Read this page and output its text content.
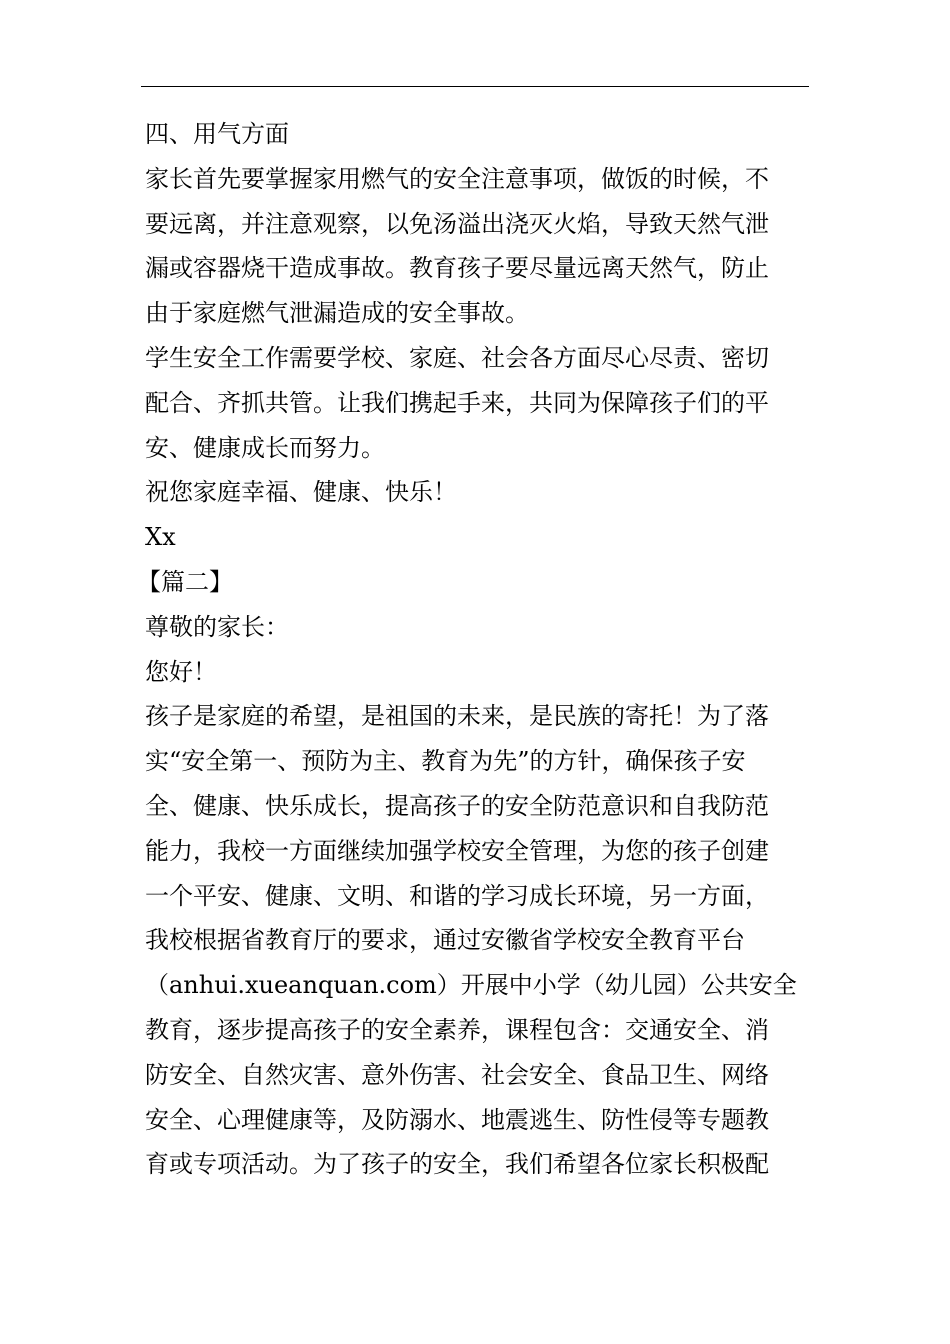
四、用气方面
家长首先要掌握家用燃气的安全注意事项，做饭的时候，不
要远离，并注意观察，以免汤溢出浇灭火焰，导致天然气泄
漏或容器烧干造成事故。教育孩子要尽量远离天然气，防止
由于家庭燃气泄漏造成的安全事故。
学生安全工作需要学校、家庭、社会各方面尽心尽责、密切
配合、齐抓共管。让我们携起手来，共同为保障孩子们的平
安、健康成长而努力。
祝您家庭幸福、健康、快乐！
Xx
【篇二】
尊敬的家长：
您好！
孩子是家庭的希望，是祖国的未来，是民族的寄托！为了落
实“安全第一、预防为主、教育为先”的方针，确保孩子安
全、健康、快乐成长，提高孩子的安全防范意识和自我防范
能力，我校一方面继续加强学校安全管理，为您的孩子创建
一个平安、健康、文明、和谐的学习成长环境，另一方面，
我校根据省教育厅的要求，通过安徽省学校安全教育平台
（anhui.xueanquan.com）开展中小学（幼儿园）公共安全
教育，逐步提高孩子的安全素养，课程包含：交通安全、消
防安全、自然灾害、意外伤害、社会安全、食品卫生、网络
安全、心理健康等，及防溺水、地震逃生、防性侵等专题教
育或专项活动。为了孩子的安全，我们希望各位家长积极配
